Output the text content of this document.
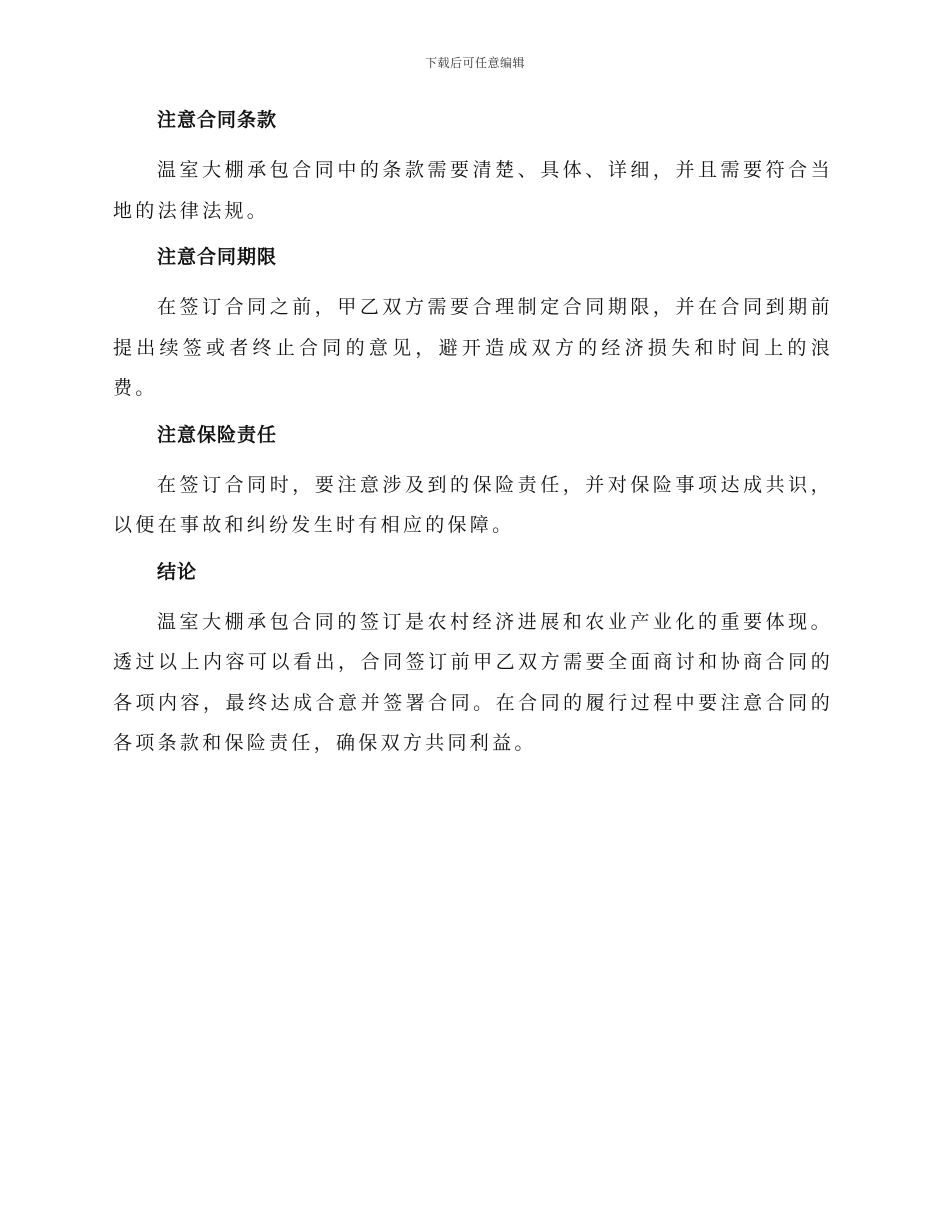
下载后可任意编辑
注意合同条款

温室大棚承包合同中的条款需要清楚、具体、详细，并且需要符合当地的法律法规。

注意合同期限

在签订合同之前，甲乙双方需要合理制定合同期限，并在合同到期前提出续签或者终止合同的意见，避开造成双方的经济损失和时间上的浪费。

注意保险责任

在签订合同时，要注意涉及到的保险责任，并对保险事项达成共识，以便在事故和纠纷发生时有相应的保障。

结论

温室大棚承包合同的签订是农村经济进展和农业产业化的重要体现。透过以上内容可以看出，合同签订前甲乙双方需要全面商讨和协商合同的各项内容，最终达成合意并签署合同。在合同的履行过程中要注意合同的各项条款和保险责任，确保双方共同利益。
